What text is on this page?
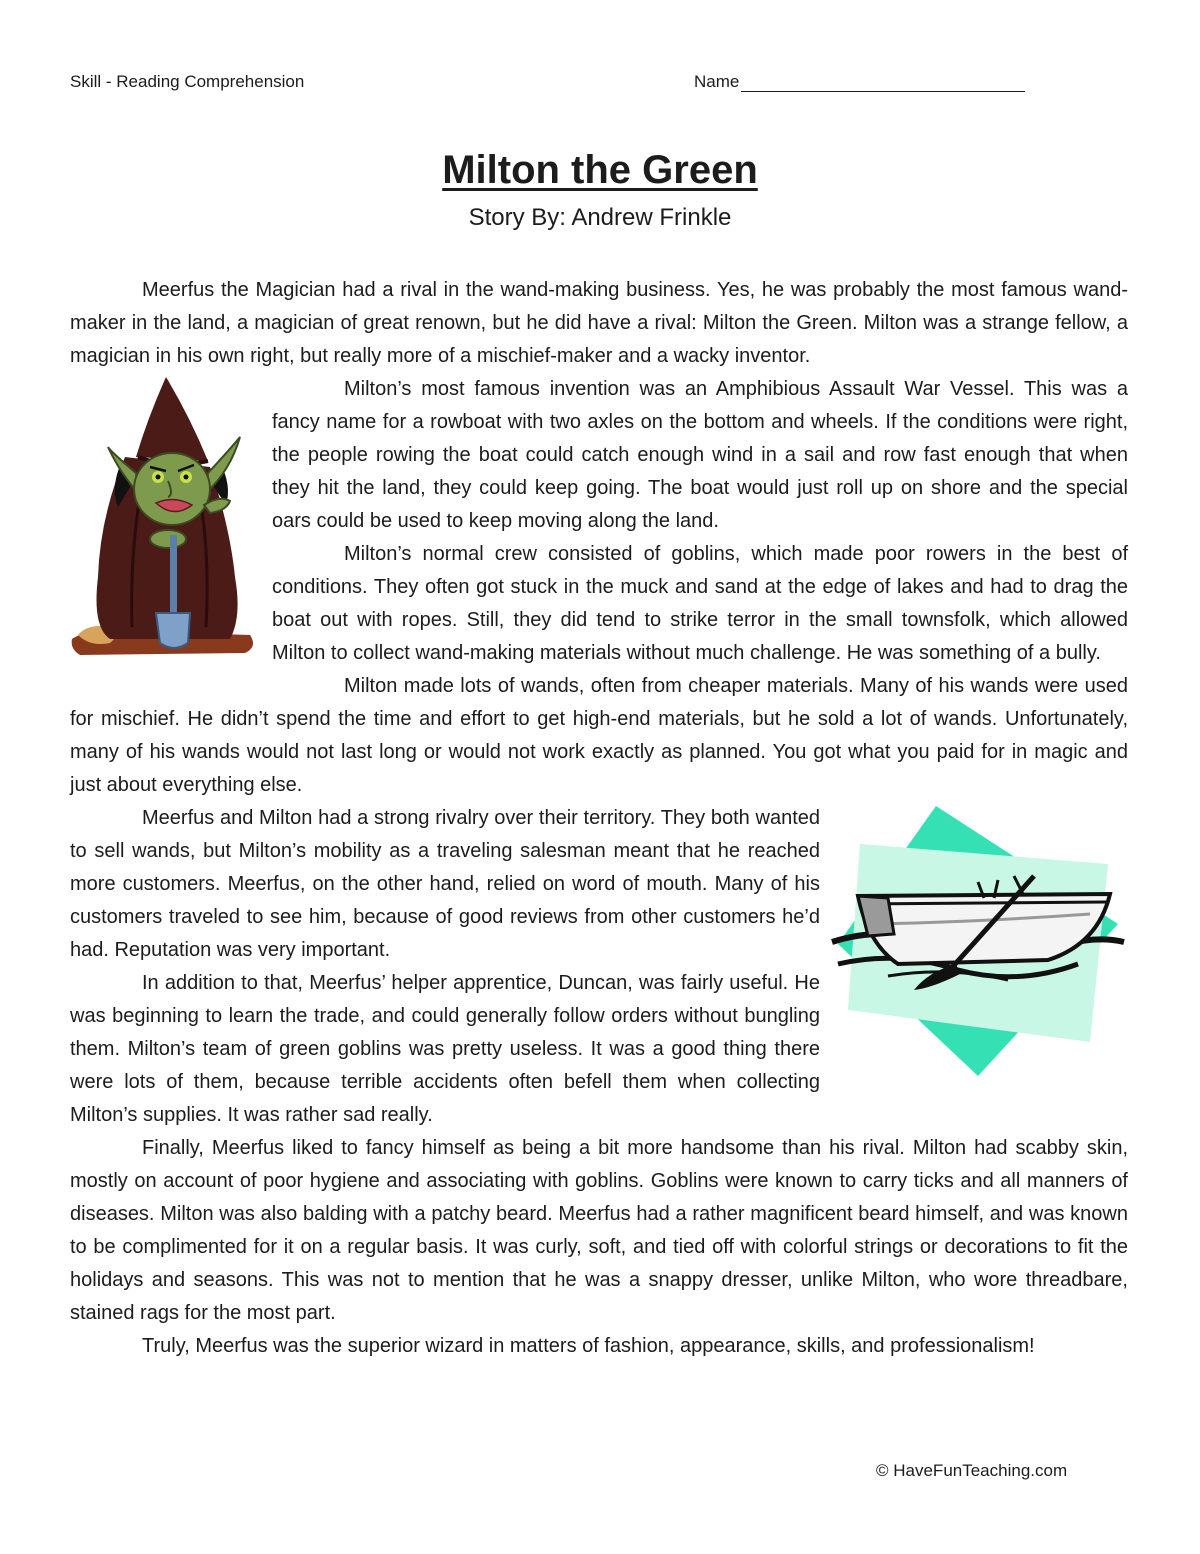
Skill - Reading Comprehension	Name
Milton the Green
Story By: Andrew Frinkle

Meerfus the Magician had a rival in the wand-making business. Yes, he was probably the most famous wand-maker in the land, a magician of great renown, but he did have a rival: Milton the Green. Milton was a strange fellow, a magician in his own right, but really more of a mischief-maker and a wacky inventor.

Milton’s most famous invention was an Amphibious Assault War Vessel. This was a fancy name for a rowboat with two axles on the bottom and wheels. If the conditions were right, the people rowing the boat could catch enough wind in a sail and row fast enough that when they hit the land, they could keep going. The boat would just roll up on shore and the special oars could be used to keep moving along the land.

Milton’s normal crew consisted of goblins, which made poor rowers in the best of conditions. They often got stuck in the muck and sand at the edge of lakes and had to drag the boat out with ropes. Still, they did tend to strike terror in the small townsfolk, which allowed Milton to collect wand-making materials without much challenge. He was something of a bully.

Milton made lots of wands, often from cheaper materials. Many of his wands were used for mischief. He didn’t spend the time and effort to get high-end materials, but he sold a lot of wands. Unfortunately, many of his wands would not last long or would not work exactly as planned. You got what you paid for in magic and just about everything else.

Meerfus and Milton had a strong rivalry over their territory. They both wanted to sell wands, but Milton’s mobility as a traveling salesman meant that he reached more customers. Meerfus, on the other hand, relied on word of mouth. Many of his customers traveled to see him, because of good reviews from other customers he’d had. Reputation was very important.

In addition to that, Meerfus’ helper apprentice, Duncan, was fairly useful. He was beginning to learn the trade, and could generally follow orders without bungling them. Milton’s team of green goblins was pretty useless. It was a good thing there were lots of them, because terrible accidents often befell them when collecting Milton’s supplies. It was rather sad really.

Finally, Meerfus liked to fancy himself as being a bit more handsome than his rival. Milton had scabby skin, mostly on account of poor hygiene and associating with goblins. Goblins were known to carry ticks and all manners of diseases. Milton was also balding with a patchy beard. Meerfus had a rather magnificent beard himself, and was known to be complimented for it on a regular basis. It was curly, soft, and tied off with colorful strings or decorations to fit the holidays and seasons. This was not to mention that he was a snappy dresser, unlike Milton, who wore threadbare, stained rags for the most part.

Truly, Meerfus was the superior wizard in matters of fashion, appearance, skills, and professionalism!

© HaveFunTeaching.com
